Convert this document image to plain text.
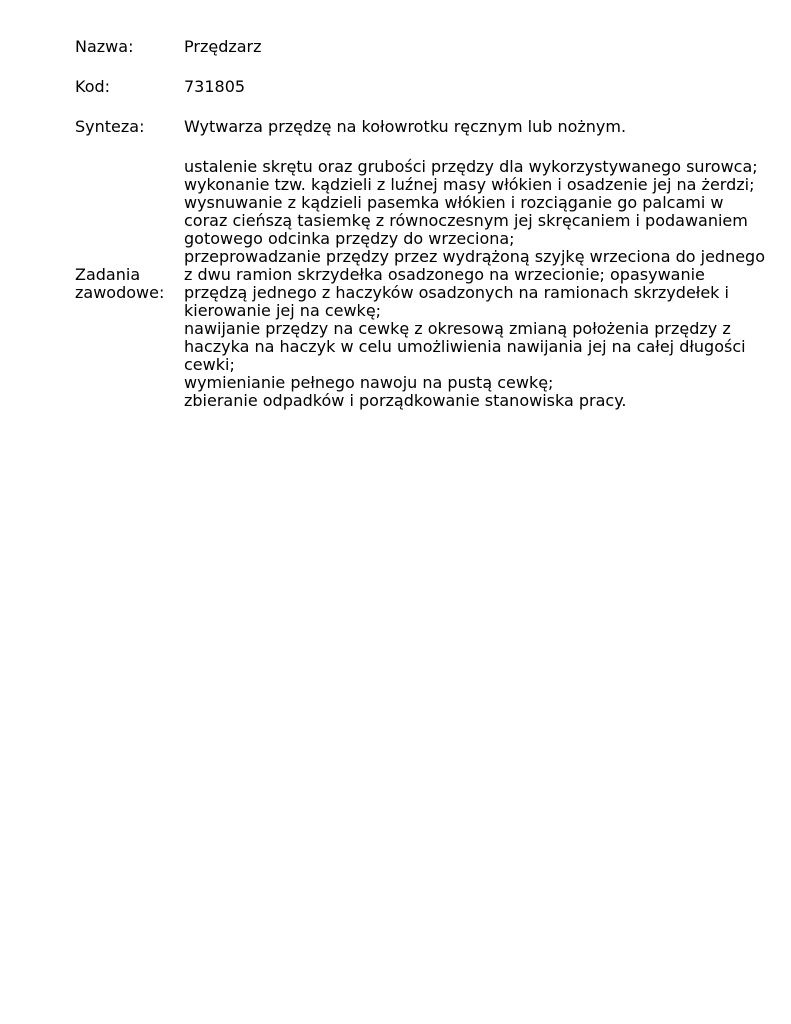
Nazwa:	Przędzarz
Kod:	731805
Synteza: Wytwarza przędzę na kołowrotku ręcznym lub nożnym.
Zadania
zawodowe:
ustalenie skrętu oraz grubości przędzy dla wykorzystywanego surowca;
wykonanie tzw. kądzieli z luźnej masy włókien i osadzenie jej na żerdzi;
wysnuwanie z kądzieli pasemka włókien i rozciąganie go palcami w
coraz cieńszą tasiemkę z równoczesnym jej skręcaniem i podawaniem
gotowego odcinka przędzy do wrzeciona;
przeprowadzanie przędzy przez wydrążoną szyjkę wrzeciona do jednego
z dwu ramion skrzydełka osadzonego na wrzecionie; opasywanie
przędzą jednego z haczyków osadzonych na ramionach skrzydełek i
kierowanie jej na cewkę;
nawijanie przędzy na cewkę z okresową zmianą położenia przędzy z
haczyka na haczyk w celu umożliwienia nawijania jej na całej długości
cewki;
wymienianie pełnego nawoju na pustą cewkę;
zbieranie odpadków i porządkowanie stanowiska pracy.
